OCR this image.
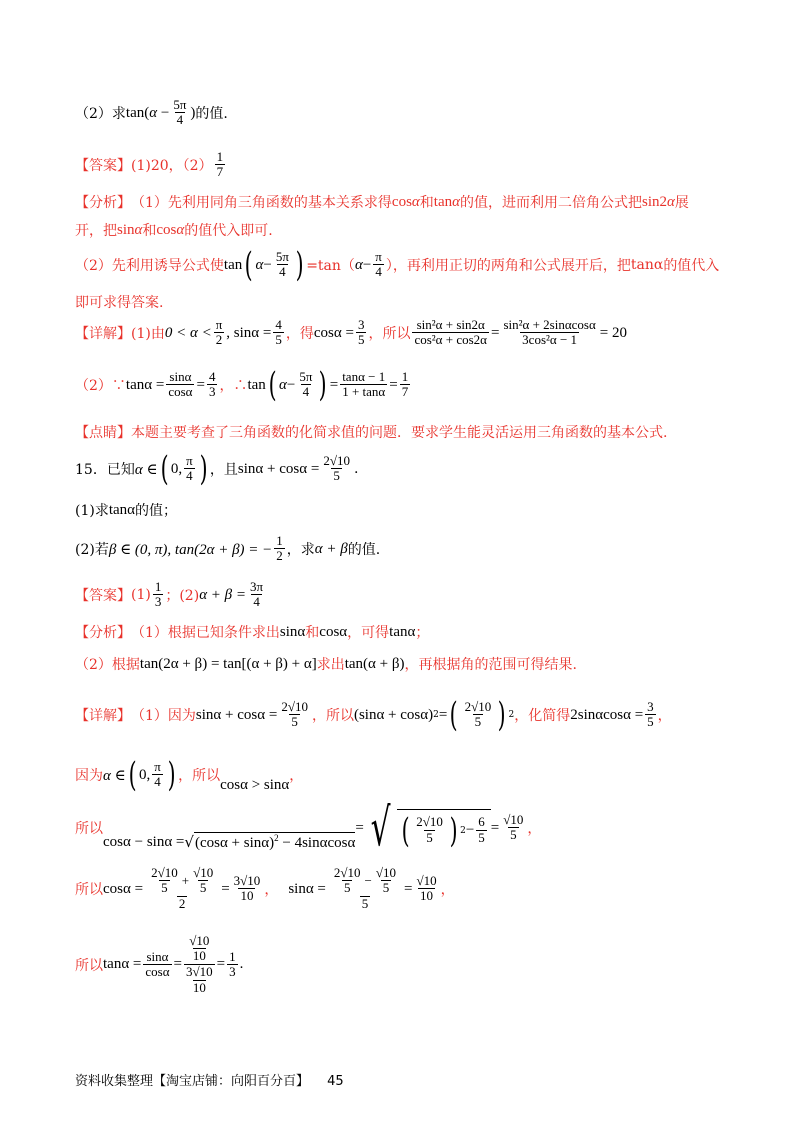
（2）求 $\tan(\alpha - \frac{5\pi}{4}$ ) 的值.
【答案】(1)20，$(2) \frac{1}{7}$
【分析】 （1）先利用同角三角函数的基本关系求得 cos α 和 tan α 的值，进而利用二倍角公式把 sin2 α 展
开，把 sin α 和 cos α 的值代入即可.
（2）先利用诱导公式使 tan ( $\alpha - \frac{5\pi}{4}$ ) =tan（ $\alpha - \frac{\pi}{4}$ ），再利用正切的两角和公式展开后，把 tanα 的值代入
即可求得答案.
【详解】 (1)由 $0 < \alpha < \frac{\pi}{2}$ , $\sin\alpha = \frac{4}{5}$ ，得 $\cos\alpha = \frac{3}{5}$ ，所以 $\frac{\text{sin²α + sin2α}}{\text{cos²α + cos2α}} = \frac{\text{sin²α + 2sinαcosα}}{\text{3cos²α − 1}} = 20$
（2）∵ $\tan\alpha = \frac{\sin\alpha}{\cos\alpha} = \frac{4}{3}$ ，∴ tan ( $\alpha - \frac{5\pi}{4}$ ) = $\frac{\tan\alpha - 1}{1 + \tan\alpha} = \frac{1}{7}$
【点睛】 本题主要考查了三角函数的化简求值的问题．要求学生能灵活运用三角函数的基本公式.
15．已知 α ∈ ( 0, $\frac{\pi}{4}$ ) ，且 $\sin\alpha + \cos\alpha = \frac{2√10}{5}$ .
(1)求 tanα 的值；
(2)若 β ∈ (0, π), tan(2α + β) = − $\frac{1}{2}$ ，求 α + β 的值.
【答案】 $(1) \frac{1}{3}$ ；(2) $\alpha + \beta = \frac{3\pi}{4}$
【分析】 （1）根据已知条件求出 sinα 和 cosα ，可得 tanα ；
（2）根据 tan(2α + β) = tan[(α + β) + α] 求出 tan(α + β) ，再根据角的范围可得结果.
【详解】 （1）因为 $\sin\alpha + \cos\alpha = \frac{2√10}{5}$ ，所以 (sinα + cosα) 2 = ( $\frac{2√10}{5}$ ) 2 ，化简得 $2\sin\alpha\cos\alpha = \frac{3}{5}$ ，
因为 α ∈ ( 0, $\frac{\pi}{4}$ ) ，所以
cosα > sinα
，
所以
cosα − sinα = √ $(\cos\alpha + \sin\alpha)^2 - 4\sin\alpha\cos\alpha$
= √ ( $\frac{2√10}{5}$ ) $2 - \frac{6}{5} = \frac{√10}{5}$ ，
所以 $\cos\alpha = \frac{\frac{2√10}{5} + \frac{√10}{5}}{2} = \frac{3√10}{10}$ ， $\sin\alpha = \frac{\frac{2√10}{5} - \frac{√10}{5}}{5} = \frac{√10}{10}$ ，
所以 $\tan\alpha = \frac{\sin\alpha}{\cos\alpha} = √10$
10
3√10
$10 = \frac{1}{3}$ .
资料收集整理【淘宝店铺：向阳百分百】 45
